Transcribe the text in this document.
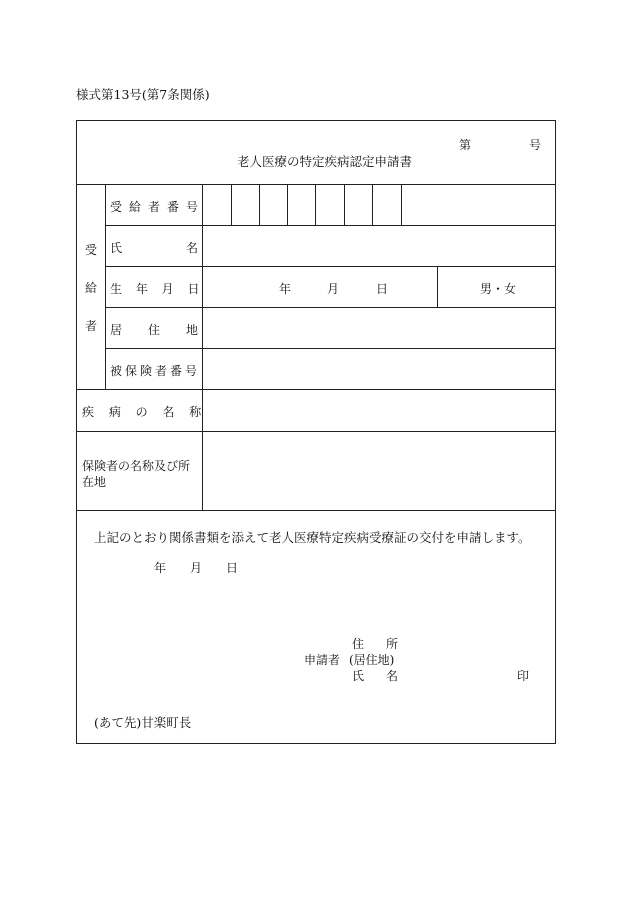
様式第13号(第7条関係)
第	号
老人医療の特定疾病認定申請書
受
給
者
受給者番号
氏	名
生 年 月 日	年	月	日	男・女
居 住 地
被保険者番号
疾 病 の 名 称
保険者の名称及び所
在地
上記のとおり関係書類を添えて老人医療特定疾病受療証の交付を申請します。
年 月 日
住 所
申請者 (居住地)
氏 名	印
(あて先)甘楽町長
